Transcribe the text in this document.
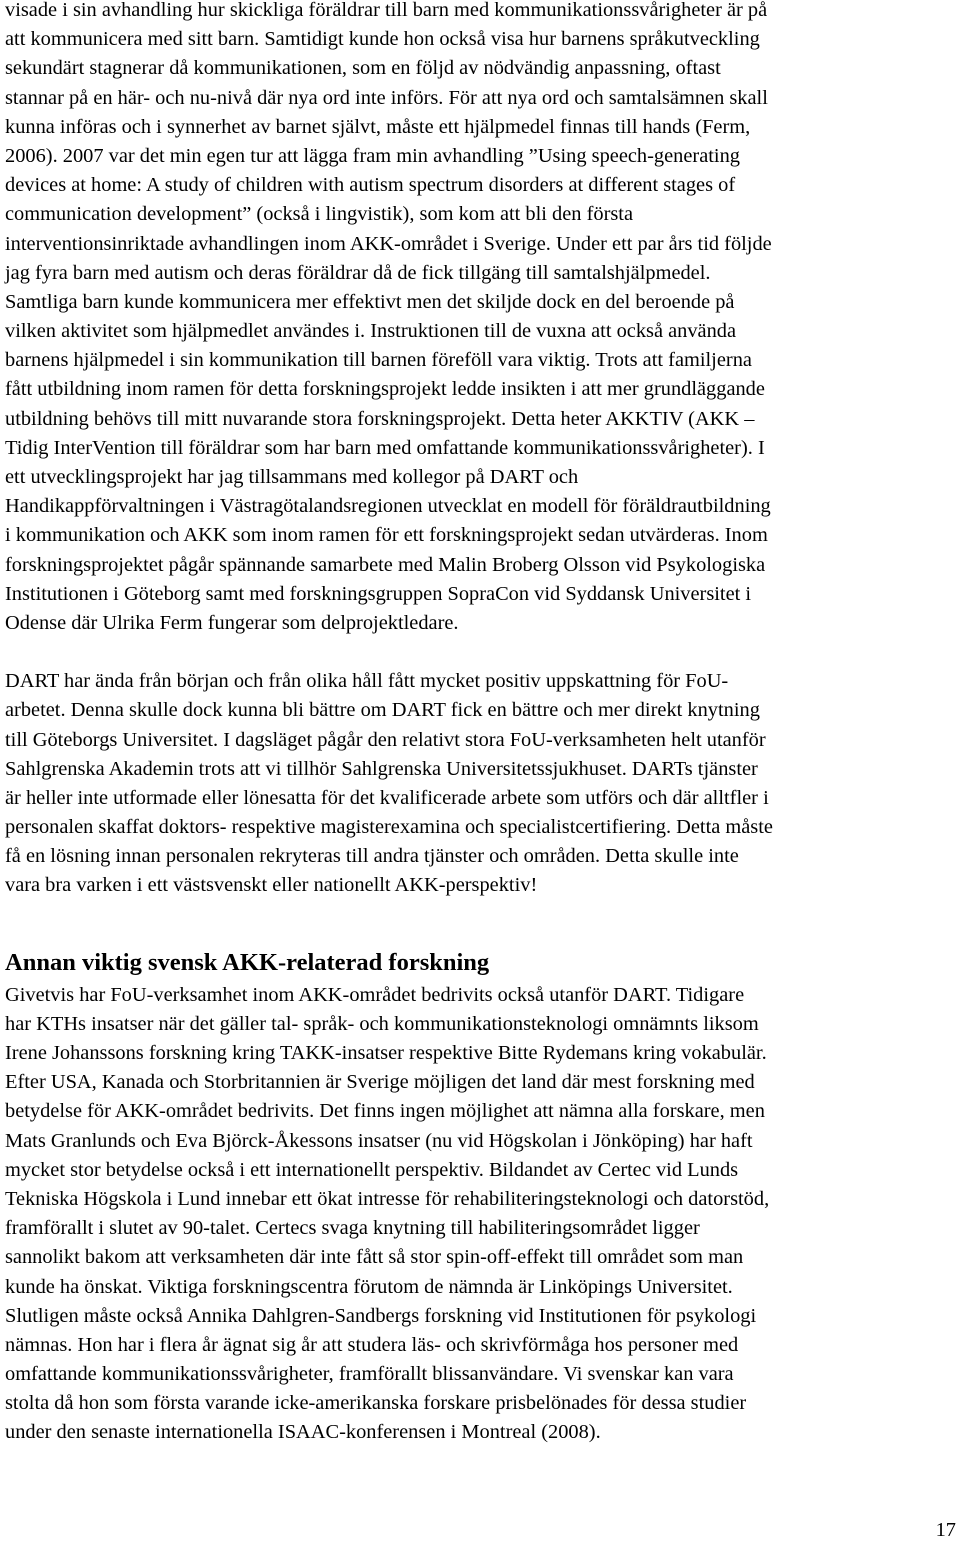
visade i sin avhandling hur skickliga föräldrar till barn med kommunikationssvårigheter är på
att kommunicera med sitt barn. Samtidigt kunde hon också visa hur barnens språkutveckling
sekundärt stagnerar då kommunikationen, som en följd av nödvändig anpassning, oftast
stannar på en här- och nu-nivå där nya ord inte införs. För att nya ord och samtalsämnen skall
kunna införas och i synnerhet av barnet självt, måste ett hjälpmedel finnas till hands (Ferm,
2006). 2007 var det min egen tur att lägga fram min avhandling ”Using speech-generating
devices at home: A study of children with autism spectrum disorders at different stages of
communication development” (också i lingvistik), som kom att bli den första
interventionsinriktade avhandlingen inom AKK-området i Sverige. Under ett par års tid följde
jag fyra barn med autism och deras föräldrar då de fick tillgäng till samtalshjälpmedel.
Samtliga barn kunde kommunicera mer effektivt men det skiljde dock en del beroende på
vilken aktivitet som hjälpmedlet användes i. Instruktionen till de vuxna att också använda
barnens hjälpmedel i sin kommunikation till barnen föreföll vara viktig. Trots att familjerna
fått utbildning inom ramen för detta forskningsprojekt ledde insikten i att mer grundläggande
utbildning behövs till mitt nuvarande stora forskningsprojekt. Detta heter AKKTIV (AKK –
Tidig InterVention till föräldrar som har barn med omfattande kommunikationssvårigheter). I
ett utvecklingsprojekt har jag tillsammans med kollegor på DART och
Handikappförvaltningen i Västragötalandsregionen utvecklat en modell för föräldrautbildning
i kommunikation och AKK som inom ramen för ett forskningsprojekt sedan utvärderas. Inom
forskningsprojektet pågår spännande samarbete med Malin Broberg Olsson vid Psykologiska
Institutionen i Göteborg samt med forskningsgruppen SopraCon vid Syddansk Universitet i
Odense där Ulrika Ferm fungerar som delprojektledare.
DART har ända från början och från olika håll fått mycket positiv uppskattning för FoU-
arbetet. Denna skulle dock kunna bli bättre om DART fick en bättre och mer direkt knytning
till Göteborgs Universitet. I dagsläget pågår den relativt stora FoU-verksamheten helt utanför
Sahlgrenska Akademin trots att vi tillhör Sahlgrenska Universitetssjukhuset. DARTs tjänster
är heller inte utformade eller lönesatta för det kvalificerade arbete som utförs och där alltfler i
personalen skaffat doktors- respektive magisterexamina och specialistcertifiering. Detta måste
få en lösning innan personalen rekryteras till andra tjänster och områden. Detta skulle inte
vara bra varken i ett västsvenskt eller nationellt AKK-perspektiv!
Annan viktig svensk AKK-relaterad forskning
Givetvis har FoU-verksamhet inom AKK-området bedrivits också utanför DART. Tidigare
har KTHs insatser när det gäller tal- språk- och kommunikationsteknologi omnämnts liksom
Irene Johanssons forskning kring TAKK-insatser respektive Bitte Rydemans kring vokabulär.
Efter USA, Kanada och Storbritannien är Sverige möjligen det land där mest forskning med
betydelse för AKK-området bedrivits. Det finns ingen möjlighet att nämna alla forskare, men
Mats Granlunds och Eva Björck-Åkessons insatser (nu vid Högskolan i Jönköping) har haft
mycket stor betydelse också i ett internationellt perspektiv. Bildandet av Certec vid Lunds
Tekniska Högskola i Lund innebar ett ökat intresse för rehabiliteringsteknologi och datorstöd,
framförallt i slutet av 90-talet. Certecs svaga knytning till habiliteringsområdet ligger
sannolikt bakom att verksamheten där inte fått så stor spin-off-effekt till området som man
kunde ha önskat. Viktiga forskningscentra förutom de nämnda är Linköpings Universitet.
Slutligen måste också Annika Dahlgren-Sandbergs forskning vid Institutionen för psykologi
nämnas. Hon har i flera år ägnat sig år att studera läs- och skrivförmåga hos personer med
omfattande kommunikationssvårigheter, framförallt blissanvändare. Vi svenskar kan vara
stolta då hon som första varande icke-amerikanska forskare prisbelönades för dessa studier
under den senaste internationella ISAAC-konferensen i Montreal (2008).
17
